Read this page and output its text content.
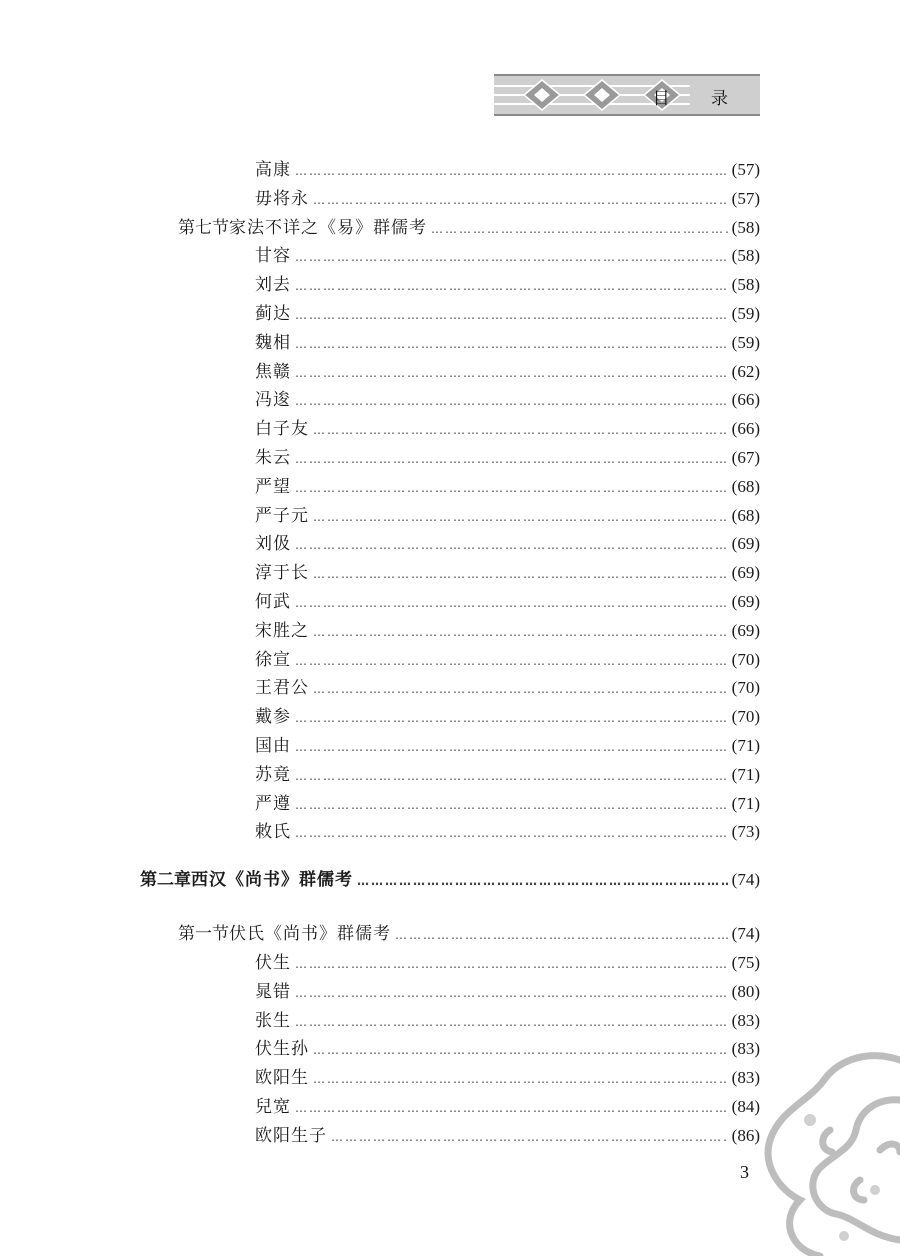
目 录
高康 …………………………………………………………………………………………………………………………………………………………………………………	(57)
毋将永 …………………………………………………………………………………………………………………………………………………………………………………	(57)
第七节 家法不详之《易》群儒考 …………………………………………………………………………………………………………………………………………………………………………………	(58)
甘容 …………………………………………………………………………………………………………………………………………………………………………………	(58)
刘去 …………………………………………………………………………………………………………………………………………………………………………………	(58)
蓟达 …………………………………………………………………………………………………………………………………………………………………………………	(59)
魏相 …………………………………………………………………………………………………………………………………………………………………………………	(59)
焦赣 …………………………………………………………………………………………………………………………………………………………………………………	(62)
冯逡 …………………………………………………………………………………………………………………………………………………………………………………	(66)
白子友 …………………………………………………………………………………………………………………………………………………………………………………	(66)
朱云 …………………………………………………………………………………………………………………………………………………………………………………	(67)
严望 …………………………………………………………………………………………………………………………………………………………………………………	(68)
严子元 …………………………………………………………………………………………………………………………………………………………………………………	(68)
刘伋 …………………………………………………………………………………………………………………………………………………………………………………	(69)
淳于长 …………………………………………………………………………………………………………………………………………………………………………………	(69)
何武 …………………………………………………………………………………………………………………………………………………………………………………	(69)
宋胜之 …………………………………………………………………………………………………………………………………………………………………………………	(69)
徐宣 …………………………………………………………………………………………………………………………………………………………………………………	(70)
王君公 …………………………………………………………………………………………………………………………………………………………………………………	(70)
戴参 …………………………………………………………………………………………………………………………………………………………………………………	(70)
国由 …………………………………………………………………………………………………………………………………………………………………………………	(71)
苏竟 …………………………………………………………………………………………………………………………………………………………………………………	(71)
严遵 …………………………………………………………………………………………………………………………………………………………………………………	(71)
敇氏 …………………………………………………………………………………………………………………………………………………………………………………	(73)
第二章 西汉《尚书》群儒考 …………………………………………………………………………………………………………………………………………………………………………………	(74)
第一节 伏氏《尚书》群儒考 …………………………………………………………………………………………………………………………………………………………………………………	(74)
伏生 …………………………………………………………………………………………………………………………………………………………………………………	(75)
晁错 …………………………………………………………………………………………………………………………………………………………………………………	(80)
张生 …………………………………………………………………………………………………………………………………………………………………………………	(83)
伏生孙 …………………………………………………………………………………………………………………………………………………………………………………	(83)
欧阳生 …………………………………………………………………………………………………………………………………………………………………………………	(83)
兒宽 …………………………………………………………………………………………………………………………………………………………………………………	(84)
欧阳生子 …………………………………………………………………………………………………………………………………………………………………………………	(86)
3
